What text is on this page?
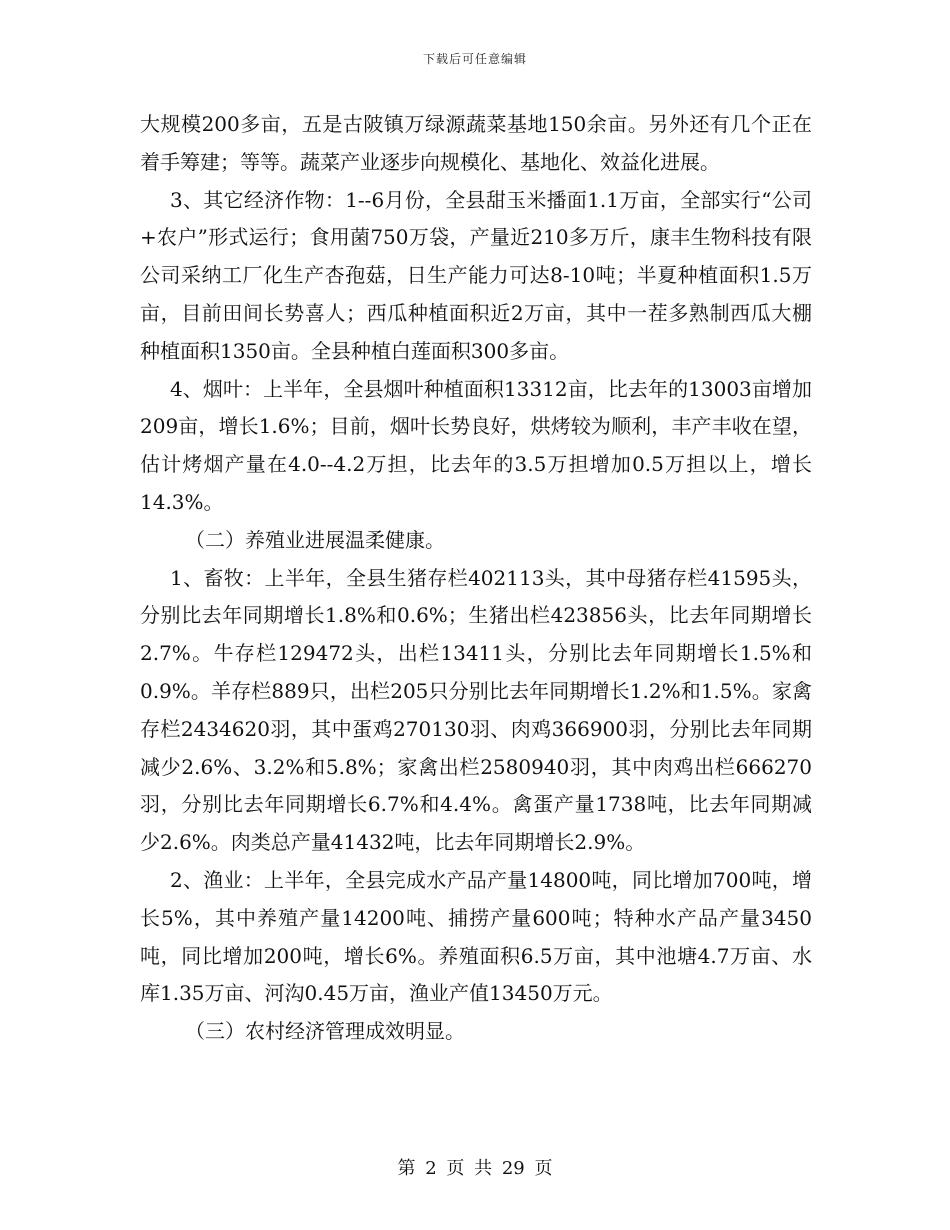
下载后可任意编辑

大规模200多亩，五是古陂镇万绿源蔬菜基地150余亩。另外还有几个正在着手筹建；等等。蔬菜产业逐步向规模化、基地化、效益化进展。

3、其它经济作物：1--6月份，全县甜玉米播面1.1万亩，全部实行“公司+农户”形式运行；食用菌750万袋，产量近210多万斤，康丰生物科技有限公司采纳工厂化生产杏孢菇，日生产能力可达8-10吨；半夏种植面积1.5万亩，目前田间长势喜人；西瓜种植面积近2万亩，其中一茬多熟制西瓜大棚种植面积1350亩。全县种植白莲面积300多亩。

4、烟叶：上半年，全县烟叶种植面积13312亩，比去年的13003亩增加209亩，增长1.6%；目前，烟叶长势良好，烘烤较为顺利，丰产丰收在望，估计烤烟产量在4.0--4.2万担，比去年的3.5万担增加0.5万担以上，增长14.3%。

（二）养殖业进展温柔健康。

1、畜牧：上半年，全县生猪存栏402113头，其中母猪存栏41595头，分别比去年同期增长1.8%和0.6%；生猪出栏423856头，比去年同期增长2.7%。牛存栏129472头，出栏13411头，分别比去年同期增长1.5%和0.9%。羊存栏889只，出栏205只分别比去年同期增长1.2%和1.5%。家禽存栏2434620羽，其中蛋鸡270130羽、肉鸡366900羽，分别比去年同期减少2.6%、3.2%和5.8%；家禽出栏2580940羽，其中肉鸡出栏666270羽，分别比去年同期增长6.7%和4.4%。禽蛋产量1738吨，比去年同期减少2.6%。肉类总产量41432吨，比去年同期增长2.9%。

2、渔业：上半年，全县完成水产品产量14800吨，同比增加700吨，增长5%，其中养殖产量14200吨、捕捞产量600吨；特种水产品产量3450吨，同比增加200吨，增长6%。养殖面积6.5万亩，其中池塘4.7万亩、水库1.35万亩、河沟0.45万亩，渔业产值13450万元。

（三）农村经济管理成效明显。

第 2 页 共 29 页
